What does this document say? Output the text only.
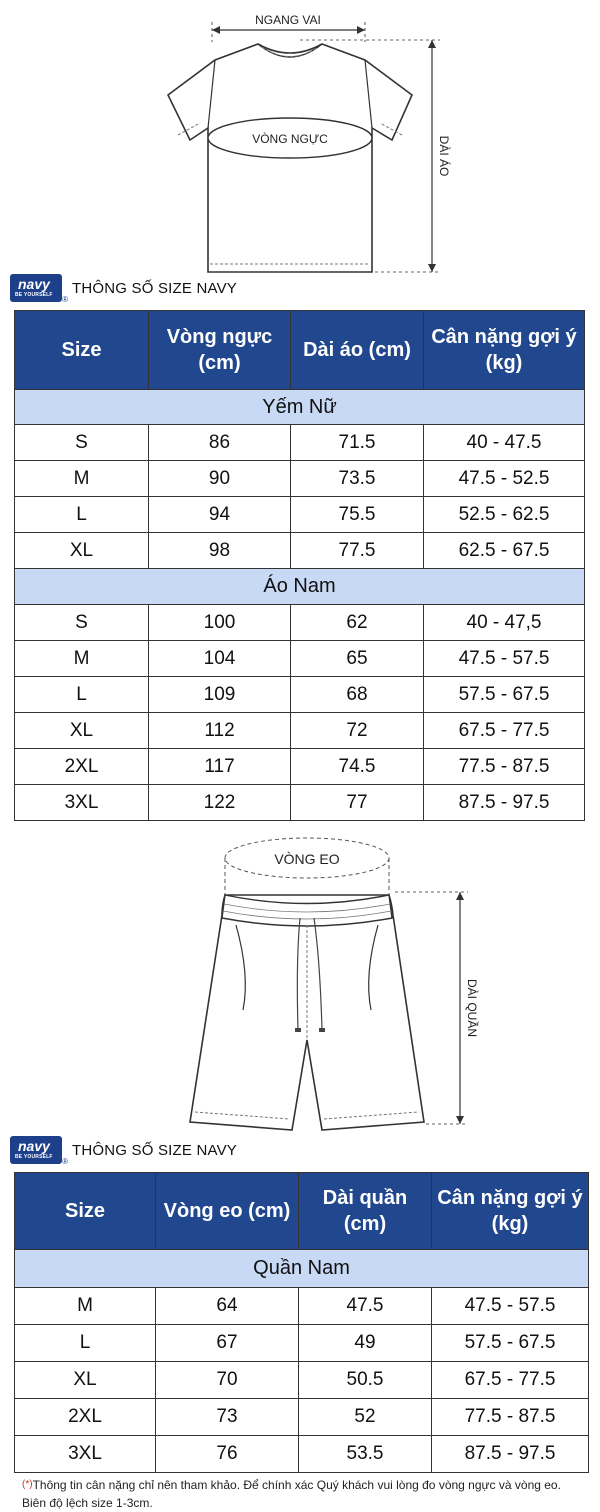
NGANG VAI
VÒNG NGỰC	DÀI ÁO
navy
BE YOURSELF ®
THÔNG SỐ SIZE NAVY
Size	Vòng ngực (cm)	Dài áo (cm)	Cân nặng gợi ý (kg)
Yếm Nữ			
S	86	71.5	40 - 47.5
M	90	73.5	47.5 - 52.5
L	94	75.5	52.5 - 62.5
XL	98	77.5	62.5 - 67.5
Áo Nam			
S	100	62	40 - 47,5
M	104	65	47.5 - 57.5
L	109	68	57.5 - 67.5
XL	112	72	67.5 - 77.5
2XL	117	74.5	77.5 - 87.5
3XL	122	77	87.5 - 97.5
VÒNG EO
DÀI QUẦN
navy
BE YOURSELF ®
THÔNG SỐ SIZE NAVY
Size	Vòng eo (cm)	Dài quần (cm)	Cân nặng gợi ý (kg)
Quần Nam			
M	64	47.5	47.5 - 57.5
L	67	49	57.5 - 67.5
XL	70	50.5	67.5 - 77.5
2XL	73	52	77.5 - 87.5
3XL	76	53.5	87.5 - 97.5
(*)Thông tin cân nặng chỉ nên tham khảo. Để chính xác Quý khách vui lòng đo vòng ngực và vòng eo.
Biên độ lệch size 1-3cm.
